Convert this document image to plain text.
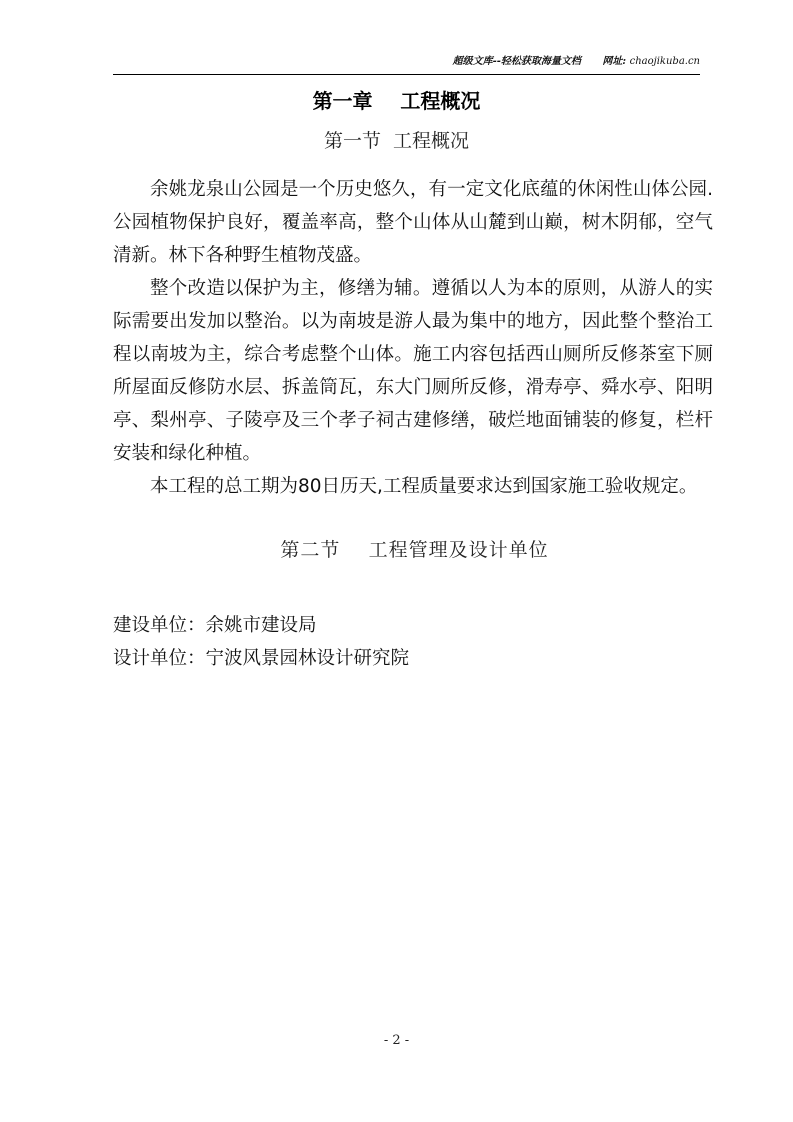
超级文库--轻松获取海量文档 网址: chaojikuba.cn
第一章    工程概况
第一节  工程概况

余姚龙泉山公园是一个历史悠久，有一定文化底蕴的休闲性山体公园.公园植物保护良好，覆盖率高，整个山体从山麓到山巅，树木阴郁，空气清新。林下各种野生植物茂盛。

整个改造以保护为主，修缮为辅。遵循以人为本的原则，从游人的实际需要出发加以整治。以为南坡是游人最为集中的地方，因此整个整治工程以南坡为主，综合考虑整个山体。施工内容包括西山厕所反修茶室下厕所屋面反修防水层、拆盖筒瓦，东大门厕所反修，滑寿亭、舜水亭、阳明亭、梨州亭、子陵亭及三个孝子祠古建修缮，破烂地面铺装的修复，栏杆安装和绿化种植。

本工程的总工期为80日历天,工程质量要求达到国家施工验收规定。

第二节    工程管理及设计单位
建设单位：余姚市建设局
设计单位：宁波风景园林设计研究院
- 2 -
